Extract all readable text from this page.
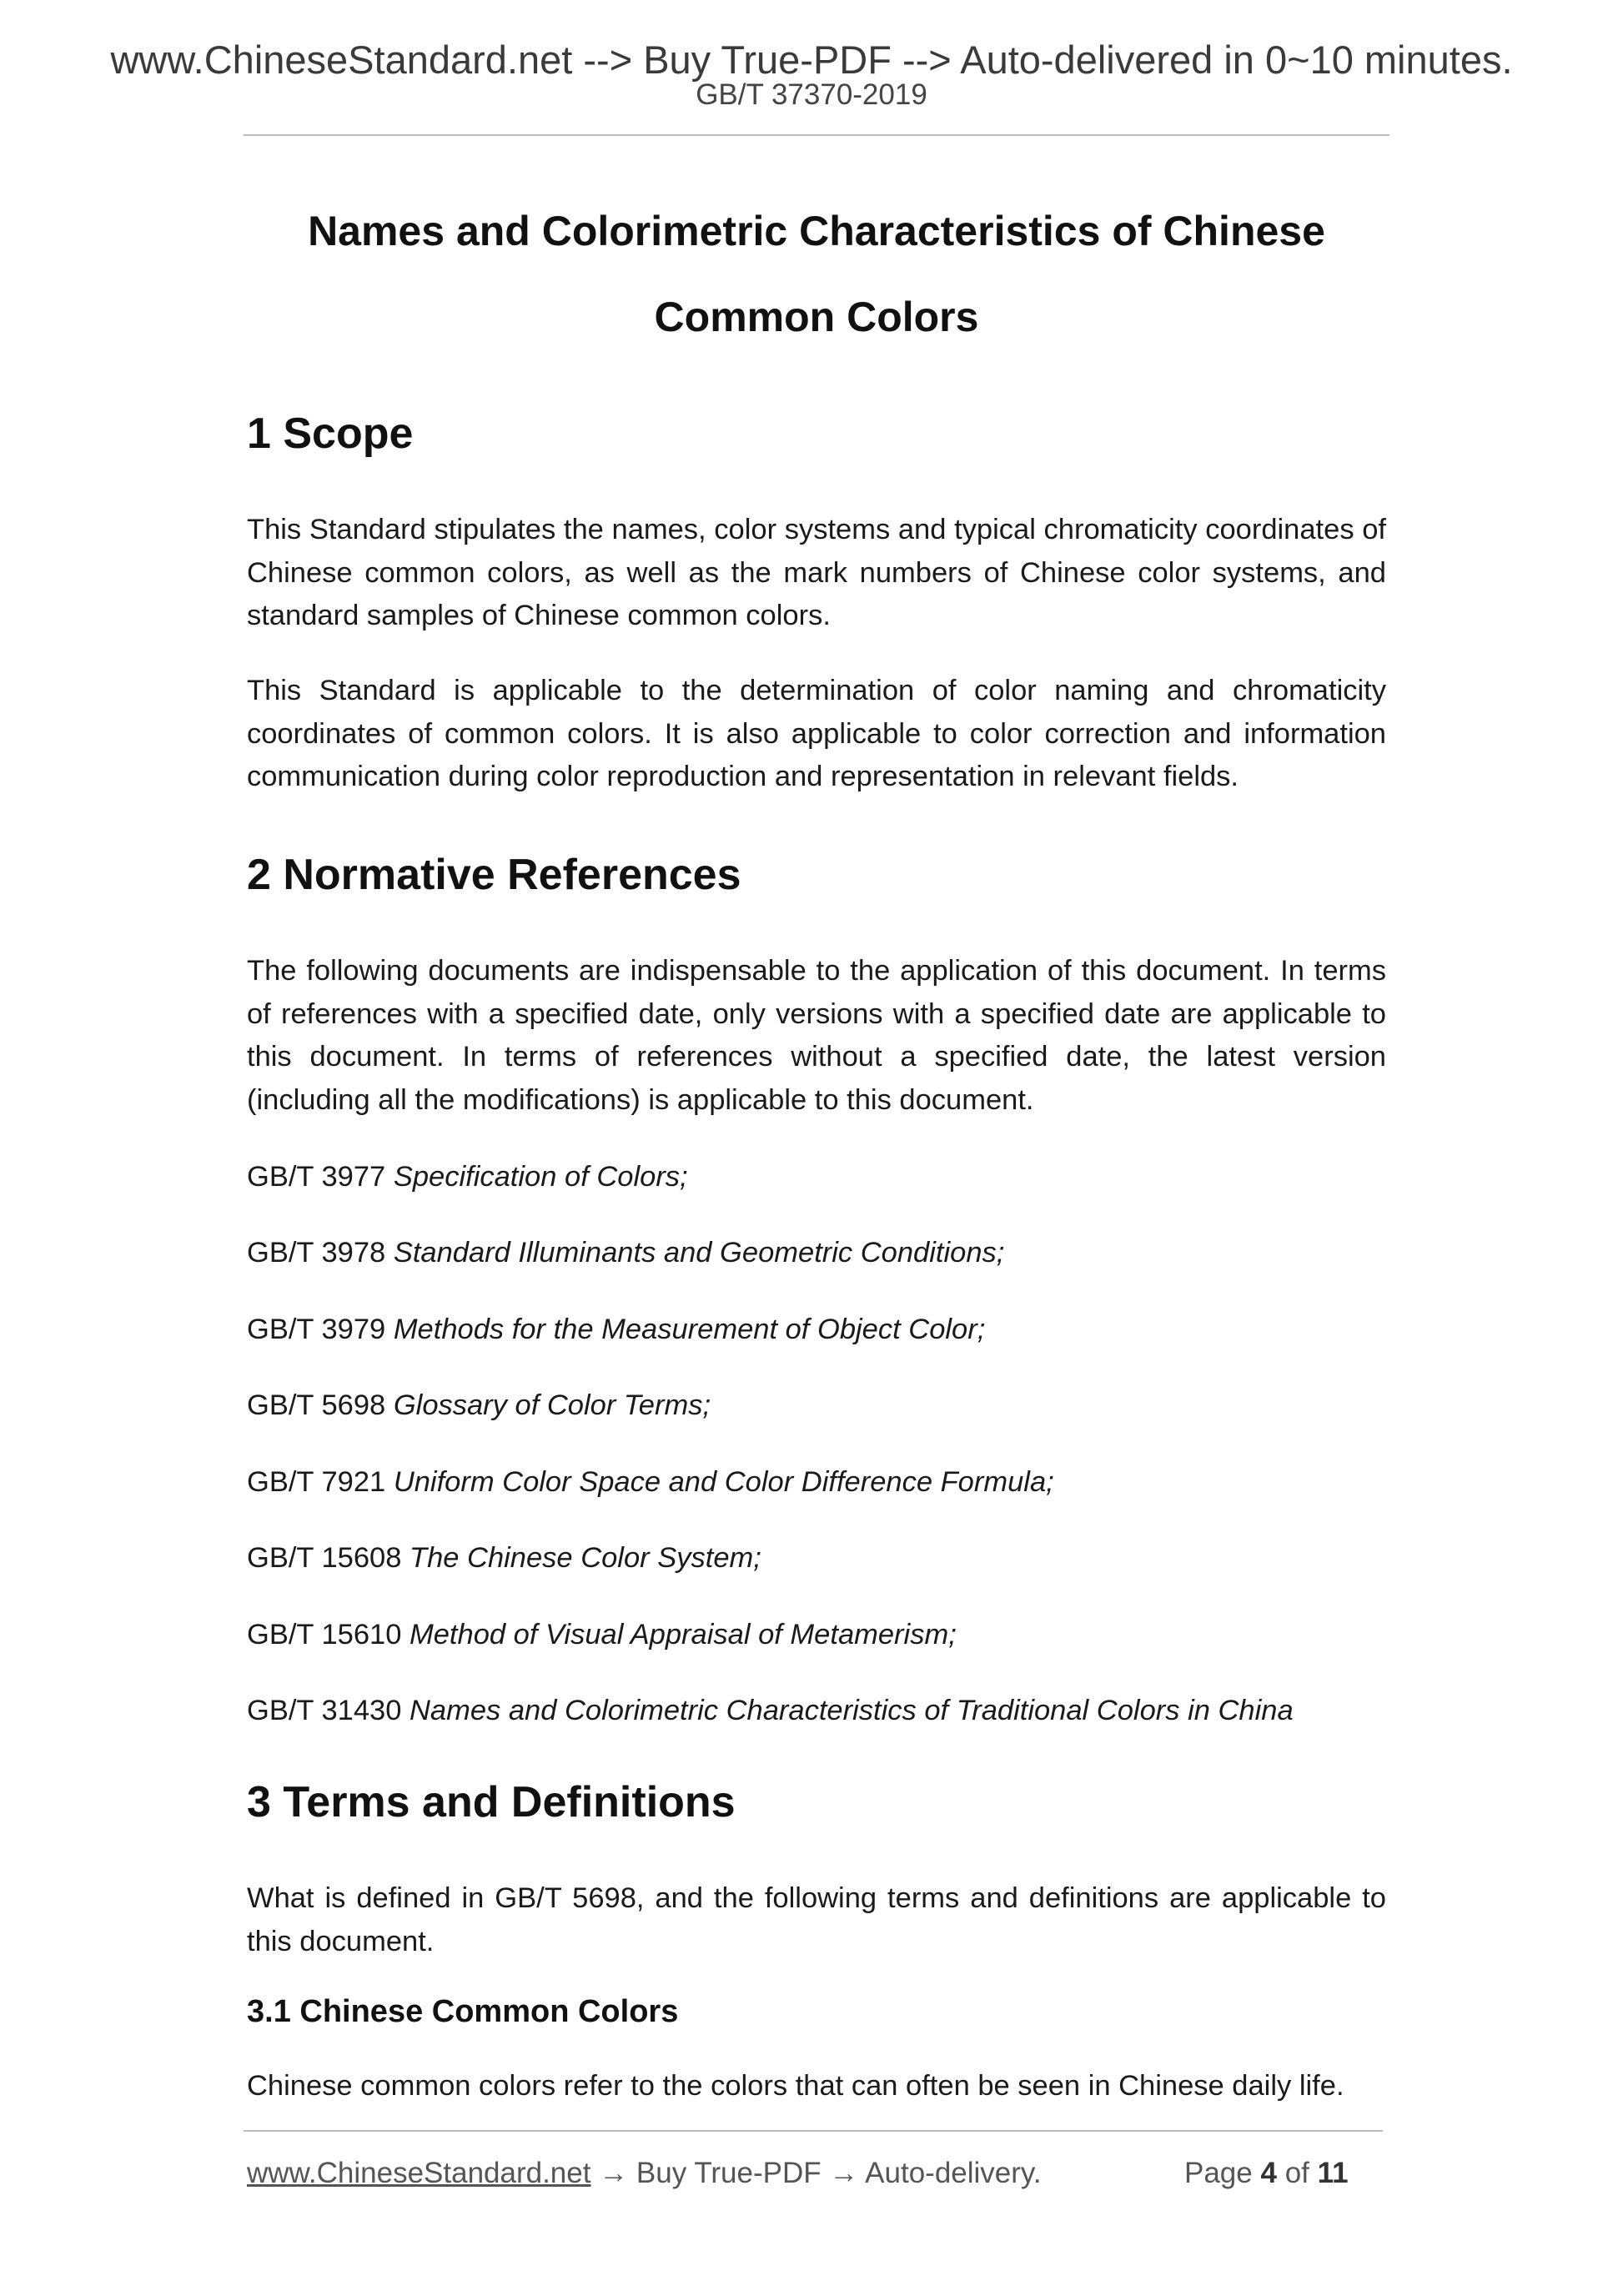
www.ChineseStandard.net --> Buy True-PDF --> Auto-delivered in 0~10 minutes.
GB/T 37370-2019
Names and Colorimetric Characteristics of Chinese
Common Colors
1 Scope
This Standard stipulates the names, color systems and typical chromaticity coordinates of Chinese common colors, as well as the mark numbers of Chinese color systems, and standard samples of Chinese common colors.
This Standard is applicable to the determination of color naming and chromaticity coordinates of common colors. It is also applicable to color correction and information communication during color reproduction and representation in relevant fields.
2 Normative References
The following documents are indispensable to the application of this document. In terms of references with a specified date, only versions with a specified date are applicable to this document. In terms of references without a specified date, the latest version (including all the modifications) is applicable to this document.
GB/T 3977 Specification of Colors;
GB/T 3978 Standard Illuminants and Geometric Conditions;
GB/T 3979 Methods for the Measurement of Object Color;
GB/T 5698 Glossary of Color Terms;
GB/T 7921 Uniform Color Space and Color Difference Formula;
GB/T 15608 The Chinese Color System;
GB/T 15610 Method of Visual Appraisal of Metamerism;
GB/T 31430 Names and Colorimetric Characteristics of Traditional Colors in China
3 Terms and Definitions
What is defined in GB/T 5698, and the following terms and definitions are applicable to this document.
3.1 Chinese Common Colors
Chinese common colors refer to the colors that can often be seen in Chinese daily life.
www.ChineseStandard.net → Buy True-PDF → Auto-delivery.	Page 4 of 11
